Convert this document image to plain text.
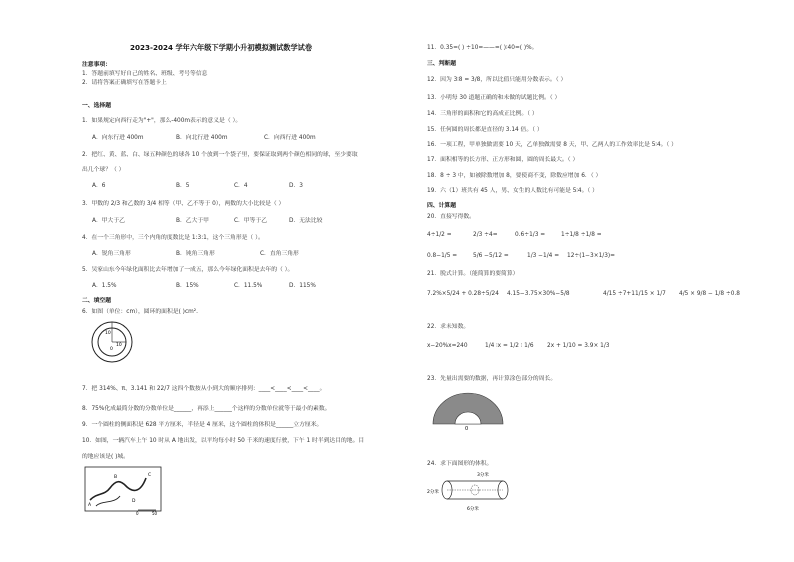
2023-2024 学年六年级下学期小升初模拟测试数学试卷
注意事项：
1．答题前填写好自己的姓名、班级、考号等信息
2．请将答案正确填写在答题卡上
一、选择题
1．如果规定向西行走为"+"，那么-400m表示的意义是（ ）。
A．向东行进 400m	B．向北行进 400m	C．向西行进 400m
2．把红、黄、蓝、白、绿五种颜色的球各 10 个放到一个袋子里，要保证取到两个颜色相同的球，至少要取
出几个球？（ ）
A．6	B．5	C．4	D．3
3．甲数的 2/3 和乙数的 3/4 相等（甲、乙不等于 0），两数的大小比较是（ ）
A．甲大于乙	B．乙大于甲	C．甲等于乙	D．无法比较
4．在一个三角形中，三个内角的度数比是 1:3:1，这个三角形是（ ）。
A．锐角三角形	B．钝角三角形	C．直角三角形
5．吴家山东今年绿化面积比去年增加了一成五，那么今年绿化面积是去年的（ ）。
A．1.5%	B．15%	C．11.5%	D．115%
二、填空题
6．如图（单位：cm），圆环的面积是( )cm².
10
10
0
7．把 314%、π、3.141 和 22/7 这四个数按从小到大的顺序排列：____<____<____<____。
8．75%化成最简分数的分数单位是______，再添上______个这样的分数单位就等于最小的素数。
9．一个圆柱的侧面积是 628 平方厘米，半径是 4 厘米，这个圆柱的体积是______立方厘米。
10．如图，一辆汽车上午 10 时从 A 地出发，以平均每小时 50 千米的速度行驶，下午 1 时半到达目的地。目
的地应该是( )城。
A
B	C
D
0	50
11．0.35=( ) ÷10=——=( )∶40=( )%。
三、判断题
12．因为 3∶8 = 3/8，所以比值只能用分数表示。（ ）
13．小明每 30 道题正确的和未做的试题比例。（ ）
14．三角形的面积和它的高成正比例。（ ）
15．任何圆的周长都是直径的 3.14 倍。（ ）
16．一项工程，甲单独做需要 10 天，乙单独做需要 8 天，甲、乙两人的工作效率比是 5∶4。（ ）
17．面积相等的长方形、正方形和圆，圆的周长最大。（ ）
18．8 ÷ 3 中，如被除数增加 8，要使商不变，除数应增加 6．（ ）
19．六（1）班共有 45 人，男、女生的人数比有可能是 5∶4。（ ）
四、计算题
20．直接写得数。
4÷1/2 =	2/3 ÷4=	0.6÷1/3 =	1÷1/8 ÷1/8 =
0.8−1/5 =	5/6 −5/12 =	1/3 −1/4 = 12÷(1−3×1/3)=
21．脱式计算。（能简算的要简算）
7.2%×5/24 + 0.28÷5/24 4.15−3.75×30%−5/8	4/15 ÷7+11/15 × 1/7 4/5 × 9/8 − 1/8 ÷0.8
22．求未知数。
x−20%x=240	1/4 ∶x = 1/2 ∶ 1/6 2x + 1/10 = 3.9× 1/3
23．先量出需要的数据，再计算涂色部分的周长。
0
24．求下面图形的体积。
3分米
2分米
6分米
